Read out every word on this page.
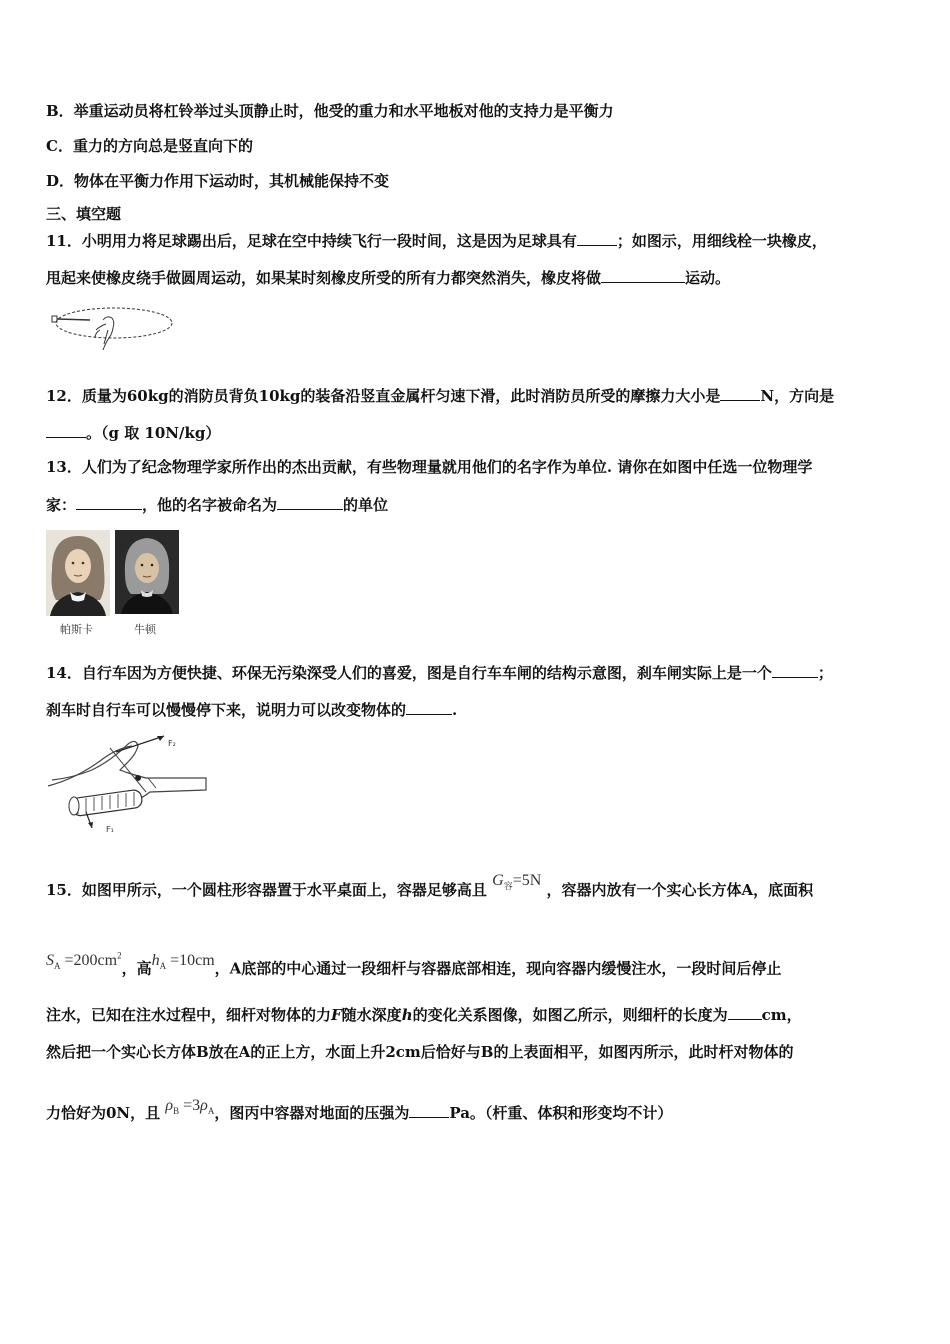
B．举重运动员将杠铃举过头顶静止时，他受的重力和水平地板对他的支持力是平衡力
C．重力的方向总是竖直向下的
D．物体在平衡力作用下运动时，其机械能保持不变
三、填空题
11．小明用力将足球踢出后，足球在空中持续飞行一段时间，这是因为足球具有	；如图示，用细线栓一块橡皮，
甩起来使橡皮绕手做圆周运动，如果某时刻橡皮所受的所有力都突然消失，橡皮将做	运动。
12．质量为60kg的消防员背负10kg的装备沿竖直金属杆匀速下滑，此时消防员所受的摩擦力大小是	N，方向是
。（g 取 10N/kg）
13．人们为了纪念物理学家所作出的杰出贡献，有些物理量就用他们的名字作为单位. 请你在如图中任选一位物理学
家：	，他的名字被命名为	的单位
帕斯卡	牛顿
14．自行车因为方便快捷、环保无污染深受人们的喜爱，图是自行车车闸的结构示意图，刹车闸实际上是一个	；
刹车时自行车可以慢慢停下来，说明力可以改变物体的	.
F₂
F₁
15．如图甲所示，一个圆柱形容器置于水平桌面上，容器足够高且 $G_容=5N$ ，容器内放有一个实心长方体A，底面积
$S_A =200cm^2$，高$h_A =10cm$，A底部的中心通过一段细杆与容器底部相连，现向容器内缓慢注水，一段时间后停止
注水，已知在注水过程中，细杆对物体的力F随水深度h的变化关系图像，如图乙所示，则细杆的长度为 cm，
然后把一个实心长方体B放在A的正上方，水面上升2cm后恰好与B的上表面相平，如图丙所示，此时杆对物体的
力恰好为0N，且 $\rho_B =3\rho_A$，图丙中容器对地面的压强为	Pa。（杆重、体积和形变均不计）
